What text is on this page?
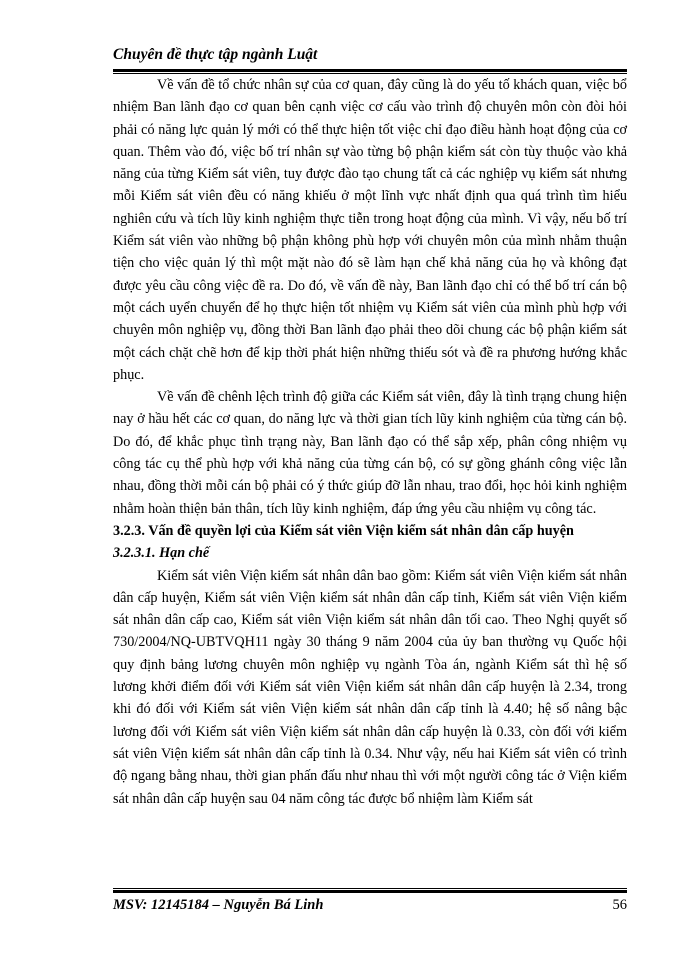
Chuyên đề thực tập ngành Luật

Về vấn đề tổ chức nhân sự của cơ quan, đây cũng là do yếu tố khách quan, việc bổ nhiệm Ban lãnh đạo cơ quan bên cạnh việc cơ cấu vào trình độ chuyên môn còn đòi hỏi phải có năng lực quản lý mới có thể thực hiện tốt việc chỉ đạo điều hành hoạt động của cơ quan. Thêm vào đó, việc bố trí nhân sự vào từng bộ phận kiểm sát còn tùy thuộc vào khả năng của từng Kiểm sát viên, tuy được đào tạo chung tất cả các nghiệp vụ kiểm sát nhưng mỗi Kiểm sát viên đều có năng khiếu ở một lĩnh vực nhất định qua quá trình tìm hiểu nghiên cứu và tích lũy kinh nghiệm thực tiễn trong hoạt động của mình. Vì vậy, nếu bố trí Kiểm sát viên vào những bộ phận không phù hợp với chuyên môn của mình nhằm thuận tiện cho việc quản lý thì một mặt nào đó sẽ làm hạn chế khả năng của họ và không đạt được yêu cầu công việc đề ra. Do đó, về vấn đề này, Ban lãnh đạo chỉ có thể bố trí cán bộ một cách uyển chuyển để họ thực hiện tốt nhiệm vụ Kiểm sát viên của mình phù hợp với chuyên môn nghiệp vụ, đồng thời Ban lãnh đạo phải theo dõi chung các bộ phận kiểm sát một cách chặt chẽ hơn để kịp thời phát hiện những thiếu sót và đề ra phương hướng khắc phục.

Về vấn đề chênh lệch trình độ giữa các Kiểm sát viên, đây là tình trạng chung hiện nay ở hầu hết các cơ quan, do năng lực và thời gian tích lũy kinh nghiệm của từng cán bộ. Do đó, để khắc phục tình trạng này, Ban lãnh đạo có thể sắp xếp, phân công nhiệm vụ công tác cụ thể phù hợp với khả năng của từng cán bộ, có sự gồng ghánh công việc lẫn nhau, đồng thời mỗi cán bộ phải có ý thức giúp đỡ lẫn nhau, trao đổi, học hỏi kinh nghiệm nhằm hoàn thiện bản thân, tích lũy kinh nghiệm, đáp ứng yêu cầu nhiệm vụ công tác.

3.2.3. Vấn đề quyền lợi của Kiểm sát viên Viện kiểm sát nhân dân cấp huyện

3.2.3.1. Hạn chế

Kiểm sát viên Viện kiểm sát nhân dân bao gồm: Kiểm sát viên Viện kiểm sát nhân dân cấp huyện, Kiểm sát viên Viện kiểm sát nhân dân cấp tỉnh, Kiểm sát viên Viện kiểm sát nhân dân cấp cao, Kiểm sát viên Viện kiểm sát nhân dân tối cao. Theo Nghị quyết số 730/2004/NQ-UBTVQH11 ngày 30 tháng 9 năm 2004 của ủy ban thường vụ Quốc hội quy định bảng lương chuyên môn nghiệp vụ ngành Tòa án, ngành Kiểm sát thì hệ số lương khởi điểm đối với Kiểm sát viên Viện kiểm sát nhân dân cấp huyện là 2.34, trong khi đó đối với Kiểm sát viên Viện kiểm sát nhân dân cấp tỉnh là 4.40; hệ số nâng bậc lương đối với Kiểm sát viên Viện kiểm sát nhân dân cấp huyện là 0.33, còn đối với kiểm sát viên Viện kiểm sát nhân dân cấp tỉnh là 0.34. Như vậy, nếu hai Kiểm sát viên có trình độ ngang bằng nhau, thời gian phấn đấu như nhau thì với một người công tác ở Viện kiểm sát nhân dân cấp huyện sau 04 năm công tác được bổ nhiệm làm Kiểm sát

MSV: 12145184 – Nguyễn Bá Linh	56
